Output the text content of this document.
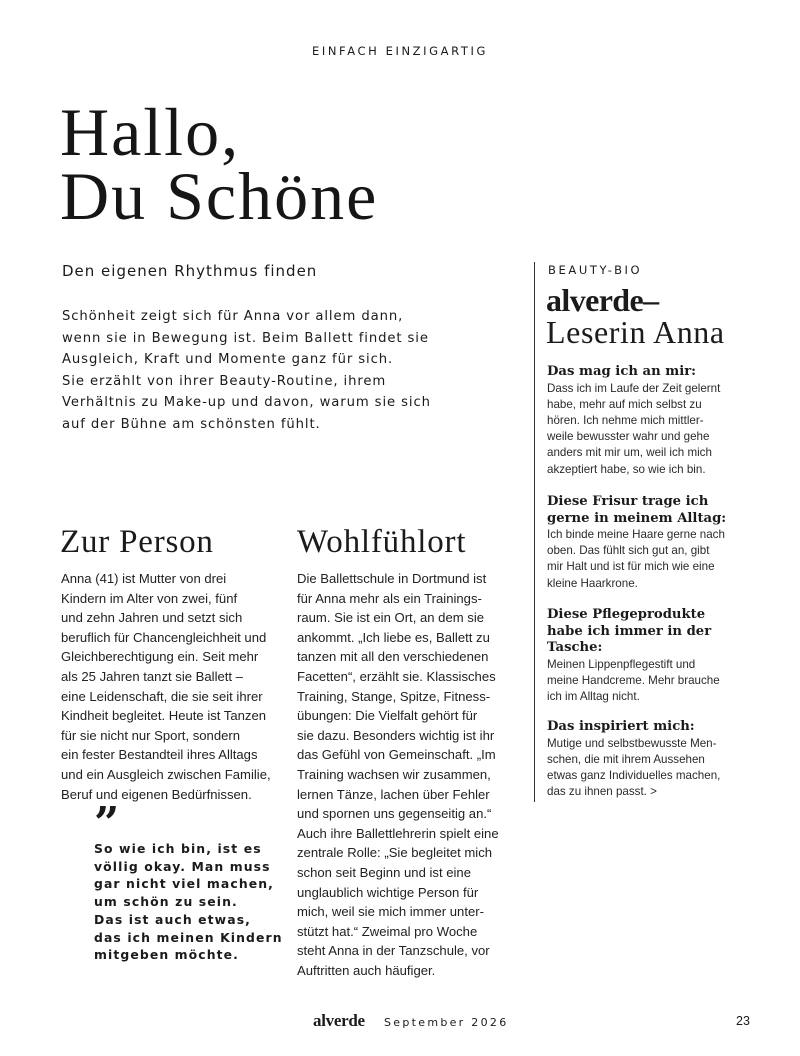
EINFACH EINZIGARTIG
Hallo,
Du Schöne
Den eigenen Rhythmus finden

Schönheit zeigt sich für Anna vor allem dann,
wenn sie in Bewegung ist. Beim Ballett findet sie
Ausgleich, Kraft und Momente ganz für sich.
Sie erzählt von ihrer Beauty-Routine, ihrem
Verhältnis zu Make-up und davon, warum sie sich
auf der Bühne am schönsten fühlt.

Zur Person

Anna (41) ist Mutter von drei
Kindern im Alter von zwei, fünf
und zehn Jahren und setzt sich
beruflich für Chancengleichheit und
Gleichberechtigung ein. Seit mehr
als 25 Jahren tanzt sie Ballett –
eine Leidenschaft, die sie seit ihrer
Kindheit begleitet. Heute ist Tanzen
für sie nicht nur Sport, sondern
ein fester Bestandteil ihres Alltags
und ein Ausgleich zwischen Familie,
Beruf und eigenen Bedürfnissen.

”

So wie ich bin, ist es
völlig okay. Man muss
gar nicht viel machen,
um schön zu sein.
Das ist auch etwas,
das ich meinen Kindern
mitgeben möchte.

Wohlfühlort

Die Ballettschule in Dortmund ist
für Anna mehr als ein Trainings-
raum. Sie ist ein Ort, an dem sie
ankommt. „Ich liebe es, Ballett zu
tanzen mit all den verschiedenen
Facetten“, erzählt sie. Klassisches
Training, Stange, Spitze, Fitness-
übungen: Die Vielfalt gehört für
sie dazu. Besonders wichtig ist ihr
das Gefühl von Gemeinschaft. „Im
Training wachsen wir zusammen,
lernen Tänze, lachen über Fehler
und spornen uns gegenseitig an.“
Auch ihre Ballettlehrerin spielt eine
zentrale Rolle: „Sie begleitet mich
schon seit Beginn und ist eine
unglaublich wichtige Person für
mich, weil sie mich immer unter-
stützt hat.“ Zweimal pro Woche
steht Anna in der Tanzschule, vor
Auftritten auch häufiger.

BEAUTY-BIO
alverde–
Leserin Anna

Das mag ich an mir:

Dass ich im Laufe der Zeit gelernt
habe, mehr auf mich selbst zu
hören. Ich nehme mich mittler-
weile bewusster wahr und gehe
anders mit mir um, weil ich mich
akzeptiert habe, so wie ich bin.

Diese Frisur trage ich
gerne in meinem Alltag:

Ich binde meine Haare gerne nach
oben. Das fühlt sich gut an, gibt
mir Halt und ist für mich wie eine
kleine Haarkrone.

Diese Pflegeprodukte
habe ich immer in der
Tasche:

Meinen Lippenpflegestift und
meine Handcreme. Mehr brauche
ich im Alltag nicht.

Das inspiriert mich:

Mutige und selbstbewusste Men-
schen, die mit ihrem Aussehen
etwas ganz Individuelles machen,
das zu ihnen passt. >

alverde September 2026	23
